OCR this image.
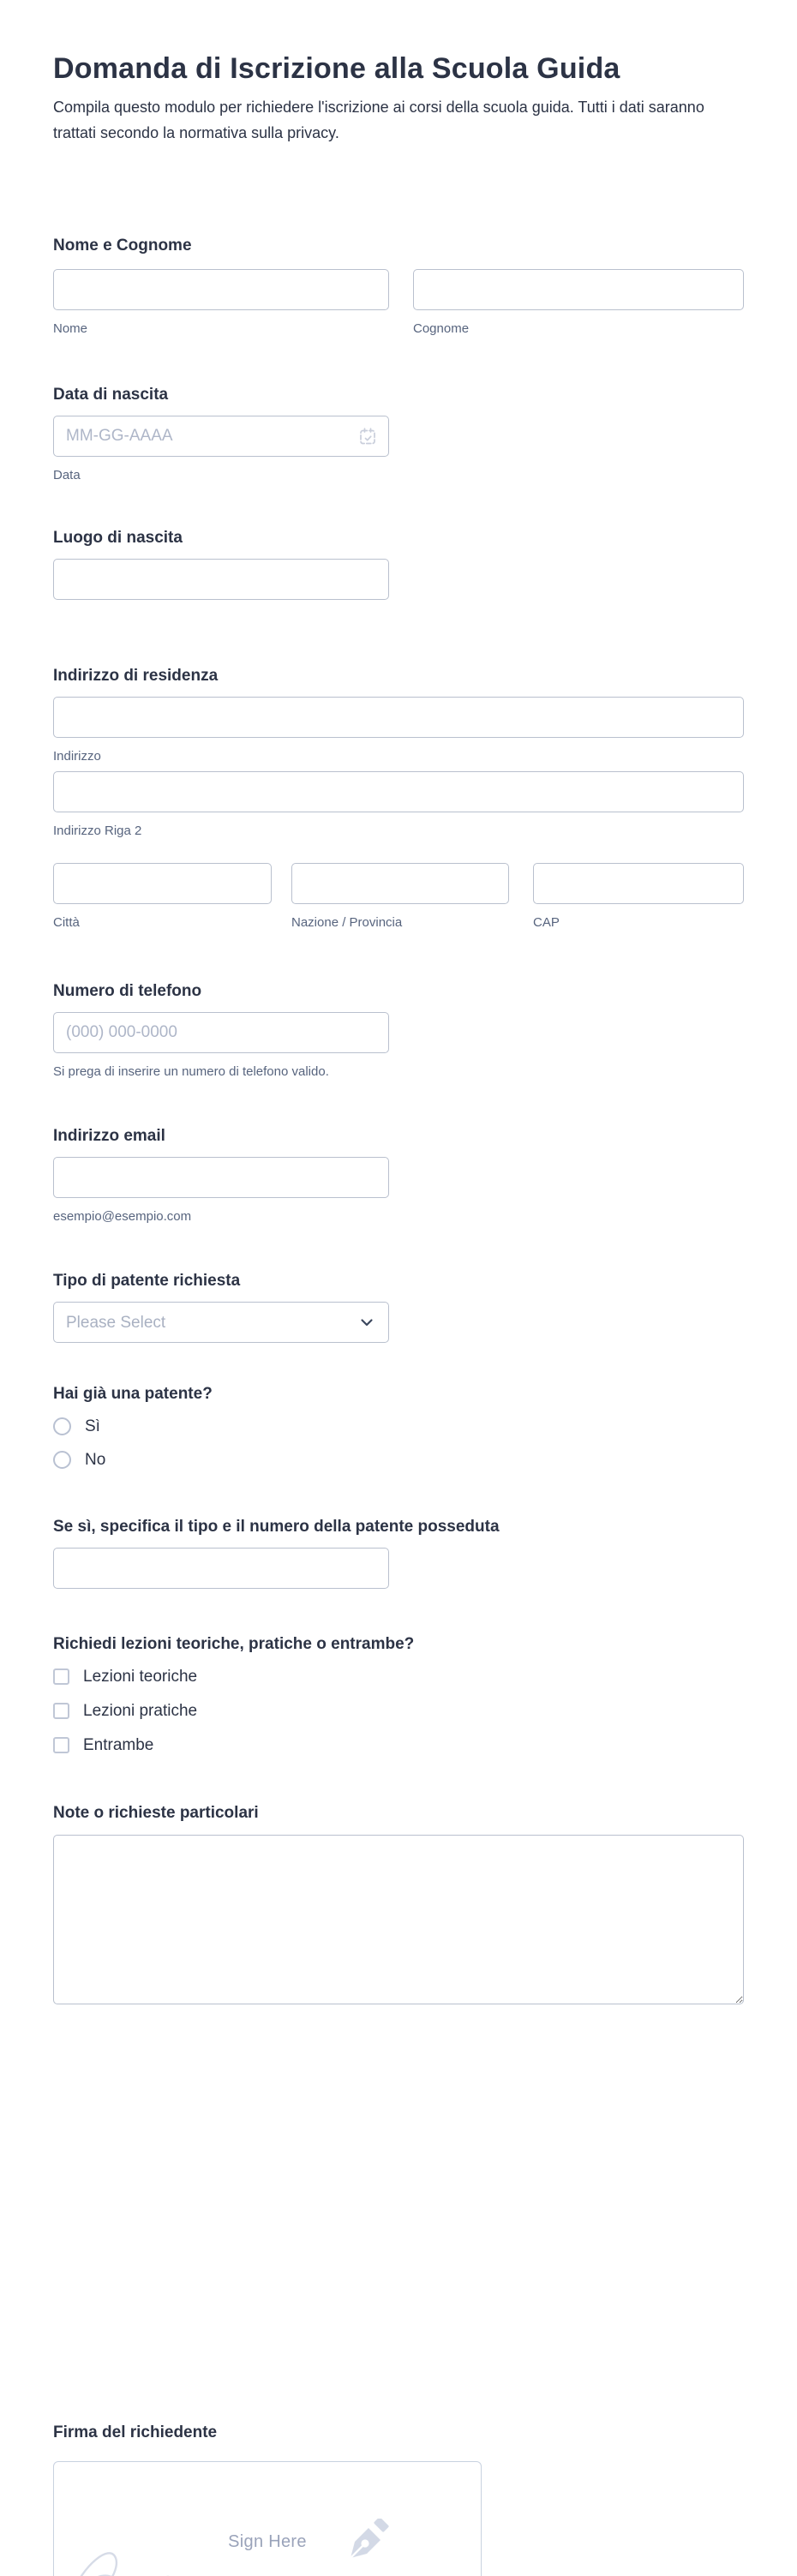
Domanda di Iscrizione alla Scuola Guida

Compila questo modulo per richiedere l'iscrizione ai corsi della scuola guida. Tutti i dati saranno trattati secondo la normativa sulla privacy.

Nome e Cognome
Nome	Cognome
Data di nascita
MM-GG-AAAA
Data
Luogo di nascita
Indirizzo di residenza
Indirizzo
Indirizzo Riga 2
Città	Nazione / Provincia	CAP
Numero di telefono
(000) 000-0000
Si prega di inserire un numero di telefono valido.
Indirizzo email
esempio@esempio.com
Tipo di patente richiesta
Please Select
Hai già una patente?
Sì
No
Se sì, specifica il tipo e il numero della patente posseduta
Richiedi lezioni teoriche, pratiche o entrambe?
Lezioni teoriche
Lezioni pratiche
Entrambe
Note o richieste particolari
Firma del richiedente
Sign Here
